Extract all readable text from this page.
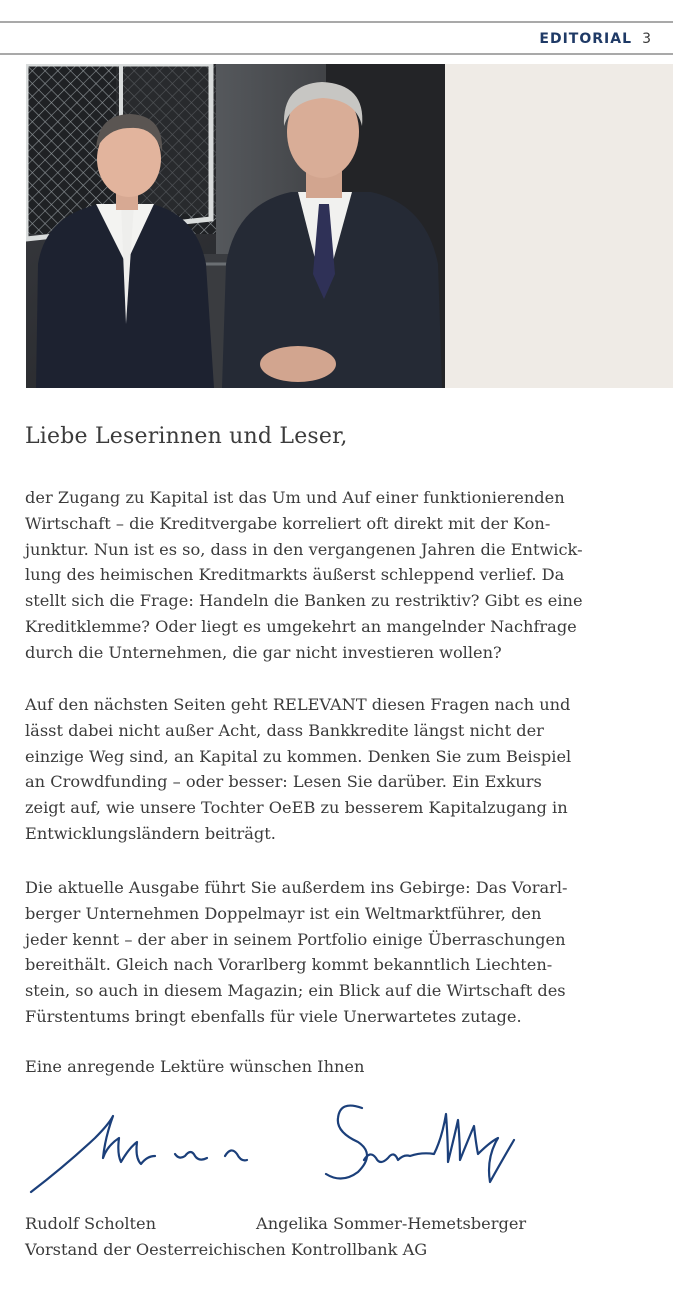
EDITORIAL 3
Liebe Leserinnen und Leser,

der Zugang zu Kapital ist das Um und Auf einer funktionierenden
Wirtschaft – die Kreditvergabe korreliert oft direkt mit der Kon-
junktur. Nun ist es so, dass in den vergangenen Jahren die Entwick-
lung des heimischen Kreditmarkts äußerst schleppend verlief. Da
stellt sich die Frage: Handeln die Banken zu restriktiv? Gibt es eine
Kreditklemme? Oder liegt es umgekehrt an mangelnder Nachfrage
durch die Unternehmen, die gar nicht investieren wollen?

Auf den nächsten Seiten geht RELEVANT diesen Fragen nach und
lässt dabei nicht außer Acht, dass Bankkredite längst nicht der
einzige Weg sind, an Kapital zu kommen. Denken Sie zum Beispiel
an Crowdfunding – oder besser: Lesen Sie darüber. Ein Exkurs
zeigt auf, wie unsere Tochter OeEB zu besserem Kapitalzugang in
Entwicklungsländern beiträgt.

Die aktuelle Ausgabe führt Sie außerdem ins Gebirge: Das Vorarl-
berger Unternehmen Doppelmayr ist ein Weltmarktführer, den
jeder kennt – der aber in seinem Portfolio einige Überraschungen
bereithält. Gleich nach Vorarlberg kommt bekanntlich Liechten-
stein, so auch in diesem Magazin; ein Blick auf die Wirtschaft des
Fürstentums bringt ebenfalls für viele Unerwartetes zutage.

Eine anregende Lektüre wünschen Ihnen
Rudolf Scholten	Angelika Sommer-Hemetsberger
Vorstand der Oesterreichischen Kontrollbank AG
